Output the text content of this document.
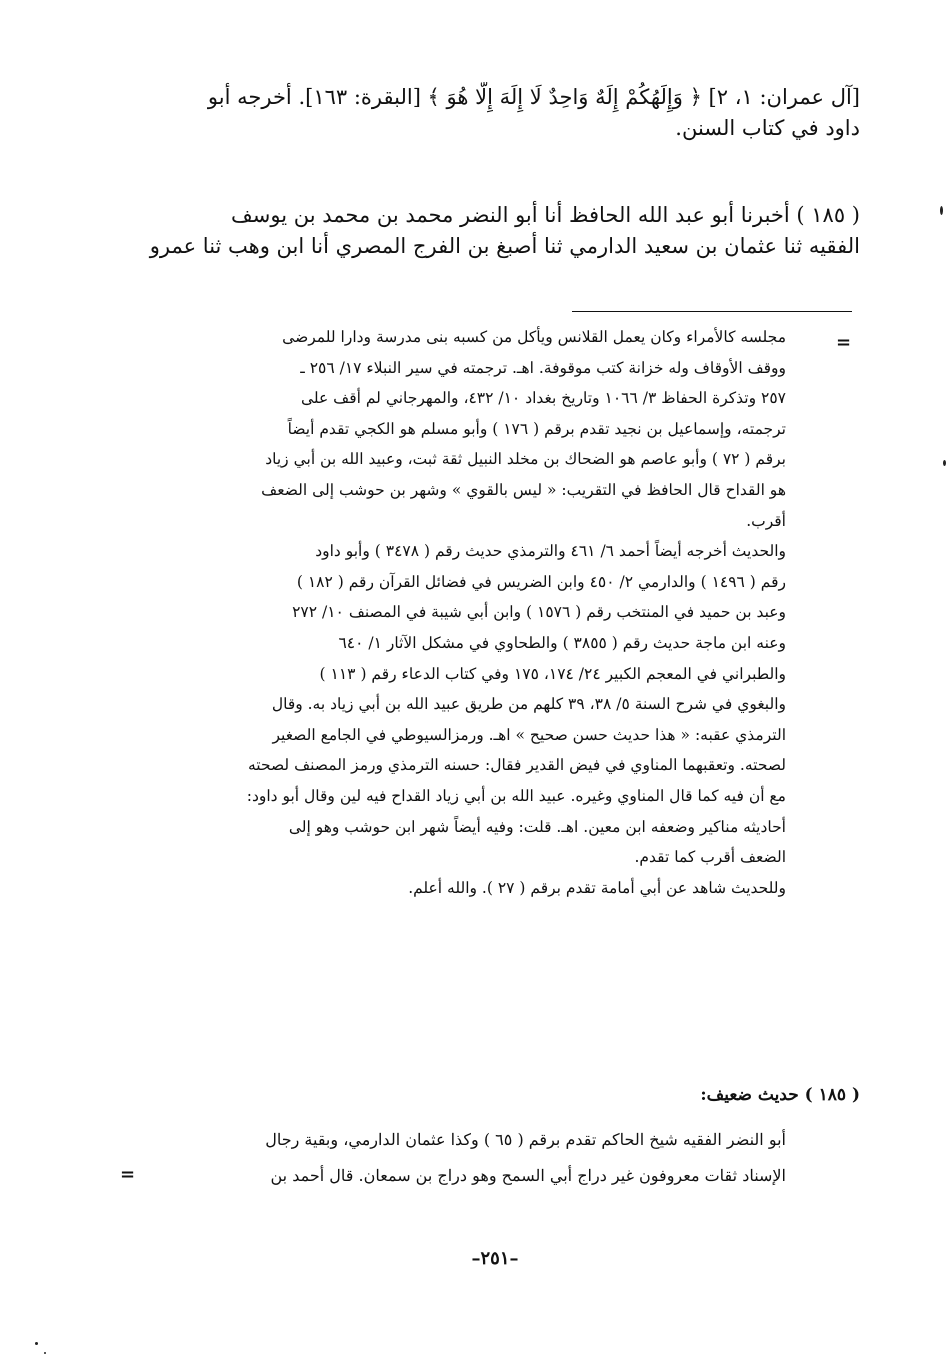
[آل عمران: ١، ٢] ﴿ وَإِلَهُكُمْ إِلَهٌ وَاحِدٌ لَا إِلَهَ إِلَّا هُوَ ﴾ [البقرة: ١٦٣]. أخرجه أبو
داود في كتاب السنن.
( ١٨٥ ) أخبرنا أبو عبد الله الحافظ أنا أبو النضر محمد بن محمد بن يوسف
الفقيه ثنا عثمان بن سعيد الدارمي ثنا أصبغ بن الفرج المصري أنا ابن وهب ثنا عمرو
=
مجلسه كالأمراء وكان يعمل القلانس ويأكل من كسبه بنى مدرسة ودارا للمرضى
ووقف الأوقاف وله خزانة كتب موقوفة. اهـ. ترجمته في سير النبلاء ١٧/ ٢٥٦ ـ
٢٥٧ وتذكرة الحفاظ ٣/ ١٠٦٦ وتاريخ بغداد ١٠/ ٤٣٢، والمهرجاني لم أقف على
ترجمته، وإسماعيل بن نجيد تقدم برقم ( ١٧٦ ) وأبو مسلم هو الكجي تقدم أيضاً
برقم ( ٧٢ ) وأبو عاصم هو الضحاك بن مخلد النبيل ثقة ثبت، وعبيد الله بن أبي زياد
هو القداح قال الحافظ في التقريب: « ليس بالقوي » وشهر بن حوشب إلى الضعف
أقرب.
والحديث أخرجه أيضاً أحمد ٦/ ٤٦١ والترمذي حديث رقم ( ٣٤٧٨ ) وأبو داود
رقم ( ١٤٩٦ ) والدارمي ٢/ ٤٥٠ وابن الضريس في فضائل القرآن رقم ( ١٨٢ )
وعبد بن حميد في المنتخب رقم ( ١٥٧٦ ) وابن أبي شيبة في المصنف ١٠/ ٢٧٢
وعنه ابن ماجة حديث رقم ( ٣٨٥٥ ) والطحاوي في مشكل الآثار ١/ ٦٤٠
والطبراني في المعجم الكبير ٢٤/ ١٧٤، ١٧٥ وفي كتاب الدعاء رقم ( ١١٣ )
والبغوي في شرح السنة ٥/ ٣٨، ٣٩ كلهم من طريق عبيد الله بن أبي زياد به. وقال
الترمذي عقبه: « هذا حديث حسن صحيح » اهـ. ورمزالسيوطي في الجامع الصغير
لصحته. وتعقبهما المناوي في فيض القدير فقال: حسنه الترمذي ورمز المصنف لصحته
مع أن فيه كما قال المناوي وغيره. عبيد الله بن أبي زياد القداح فيه لين وقال أبو داود:
أحاديثه مناكير وضعفه ابن معين. اهـ. قلت: وفيه أيضاً شهر ابن حوشب وهو إلى
الضعف أقرب كما تقدم.
وللحديث شاهد عن أبي أمامة تقدم برقم ( ٢٧ ). والله أعلم.
( ١٨٥ ) حديث ضعيف:
أبو النضر الفقيه شيخ الحاكم تقدم برقم ( ٦٥ ) وكذا عثمان الدارمي، وبقية رجال
الإسناد ثقات معروفون غير دراج أبي السمح وهو دراج بن سمعان. قال أحمد بن
=
–٢٥١–
